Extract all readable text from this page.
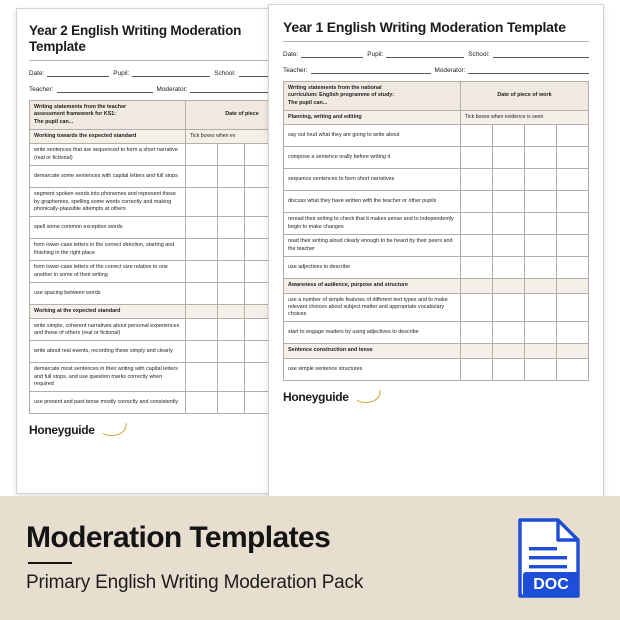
Year 2 English Writing Moderation Template
Date:	Pupil:	School:
Teacher:	Moderator:
Writing statements from the teacher
assessment framework for KS1:
The pupil can...	Date of piece			
Working towards the expected standard	Tick boxes when ev			
write sentences that are sequenced to form a short narrative (real or fictional)				
demarcate some sentences with capital letters and full stops				
segment spoken words into phonemes and represent these by graphemes, spelling some words correctly and making phonically-plausible attempts at others				
spell some common exception words				
form lower-case letters in the correct direction, starting and finishing in the right place				
form lower-case letters of the correct size relative to one another in some of their writing				
use spacing between words				
Working at the expected standard				
write simple, coherent narratives about personal experiences and those of others (real or fictional)				
write about real events, recording these simply and clearly				
demarcate most sentences in their writing with capital letters and full stops, and use question marks correctly when required				
use present and past tense mostly correctly and consistently				
Honeyguide
Year 1 English Writing Moderation Template
Date:	Pupil:	School:
Teacher:	Moderator:
Writing statements from the national
curriculum: English programme of study:
The pupil can...	Date of piece of work			
Planning, writing and editing	Tick boxes when evidence is seen			
say out loud what they are going to write about				
compose a sentence orally before writing it				
sequence sentences to form short narratives				
discuss what they have written with the teacher or other pupils				
reread their writing to check that it makes sense and to independently begin to make changes				
read their writing aloud clearly enough to be heard by their peers and the teacher				
use adjectives to describe				
Awareness of audience, purpose and structure				
use a number of simple features of different text types and to make relevant choices about subject matter and appropriate vocabulary choices				
start to engage readers by using adjectives to describe				
Sentence construction and tense				
use simple sentence structures				
Honeyguide
Moderation Templates
Primary English Writing Moderation Pack	DOC
